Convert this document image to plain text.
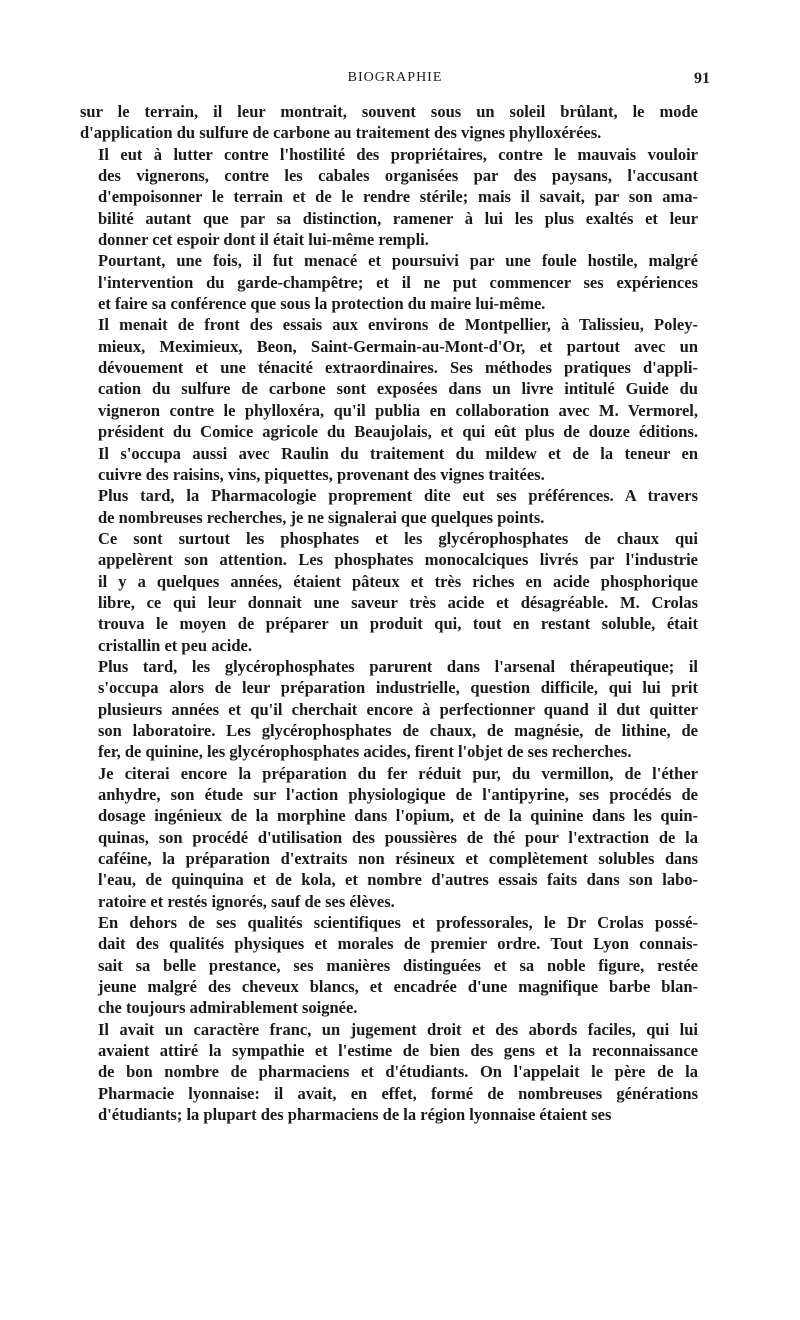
BIOGRAPHIE	91

sur le terrain, il leur montrait, souvent sous un soleil brûlant, le mode
d'application du sulfure de carbone au traitement des vignes phylloxérées.

Il eut à lutter contre l'hostilité des propriétaires, contre le mauvais vouloir
des vignerons, contre les cabales organisées par des paysans, l'accusant
d'empoisonner le terrain et de le rendre stérile; mais il savait, par son ama-
bilité autant que par sa distinction, ramener à lui les plus exaltés et leur
donner cet espoir dont il était lui-même rempli.

Pourtant, une fois, il fut menacé et poursuivi par une foule hostile, malgré
l'intervention du garde-champêtre; et il ne put commencer ses expériences
et faire sa conférence que sous la protection du maire lui-même.

Il menait de front des essais aux environs de Montpellier, à Talissieu, Poley-
mieux, Meximieux, Beon, Saint-Germain-au-Mont-d'Or, et partout avec un
dévouement et une ténacité extraordinaires. Ses méthodes pratiques d'appli-
cation du sulfure de carbone sont exposées dans un livre intitulé Guide du
vigneron contre le phylloxéra, qu'il publia en collaboration avec M. Vermorel,
président du Comice agricole du Beaujolais, et qui eût plus de douze éditions.
Il s'occupa aussi avec Raulin du traitement du mildew et de la teneur en
cuivre des raisins, vins, piquettes, provenant des vignes traitées.

Plus tard, la Pharmacologie proprement dite eut ses préférences. A travers
de nombreuses recherches, je ne signalerai que quelques points.

Ce sont surtout les phosphates et les glycérophosphates de chaux qui
appelèrent son attention. Les phosphates monocalciques livrés par l'industrie
il y a quelques années, étaient pâteux et très riches en acide phosphorique
libre, ce qui leur donnait une saveur très acide et désagréable. M. Crolas
trouva le moyen de préparer un produit qui, tout en restant soluble, était
cristallin et peu acide.

Plus tard, les glycérophosphates parurent dans l'arsenal thérapeutique; il
s'occupa alors de leur préparation industrielle, question difficile, qui lui prit
plusieurs années et qu'il cherchait encore à perfectionner quand il dut quitter
son laboratoire. Les glycérophosphates de chaux, de magnésie, de lithine, de
fer, de quinine, les glycérophosphates acides, firent l'objet de ses recherches.

Je citerai encore la préparation du fer réduit pur, du vermillon, de l'éther
anhydre, son étude sur l'action physiologique de l'antipyrine, ses procédés de
dosage ingénieux de la morphine dans l'opium, et de la quinine dans les quin-
quinas, son procédé d'utilisation des poussières de thé pour l'extraction de la
caféine, la préparation d'extraits non résineux et complètement solubles dans
l'eau, de quinquina et de kola, et nombre d'autres essais faits dans son labo-
ratoire et restés ignorés, sauf de ses élèves.

En dehors de ses qualités scientifiques et professorales, le Dr Crolas possé-
dait des qualités physiques et morales de premier ordre. Tout Lyon connais-
sait sa belle prestance, ses manières distinguées et sa noble figure, restée
jeune malgré des cheveux blancs, et encadrée d'une magnifique barbe blan-
che toujours admirablement soignée.

Il avait un caractère franc, un jugement droit et des abords faciles, qui lui
avaient attiré la sympathie et l'estime de bien des gens et la reconnaissance
de bon nombre de pharmaciens et d'étudiants. On l'appelait le père de la
Pharmacie lyonnaise: il avait, en effet, formé de nombreuses générations
d'étudiants; la plupart des pharmaciens de la région lyonnaise étaient ses
